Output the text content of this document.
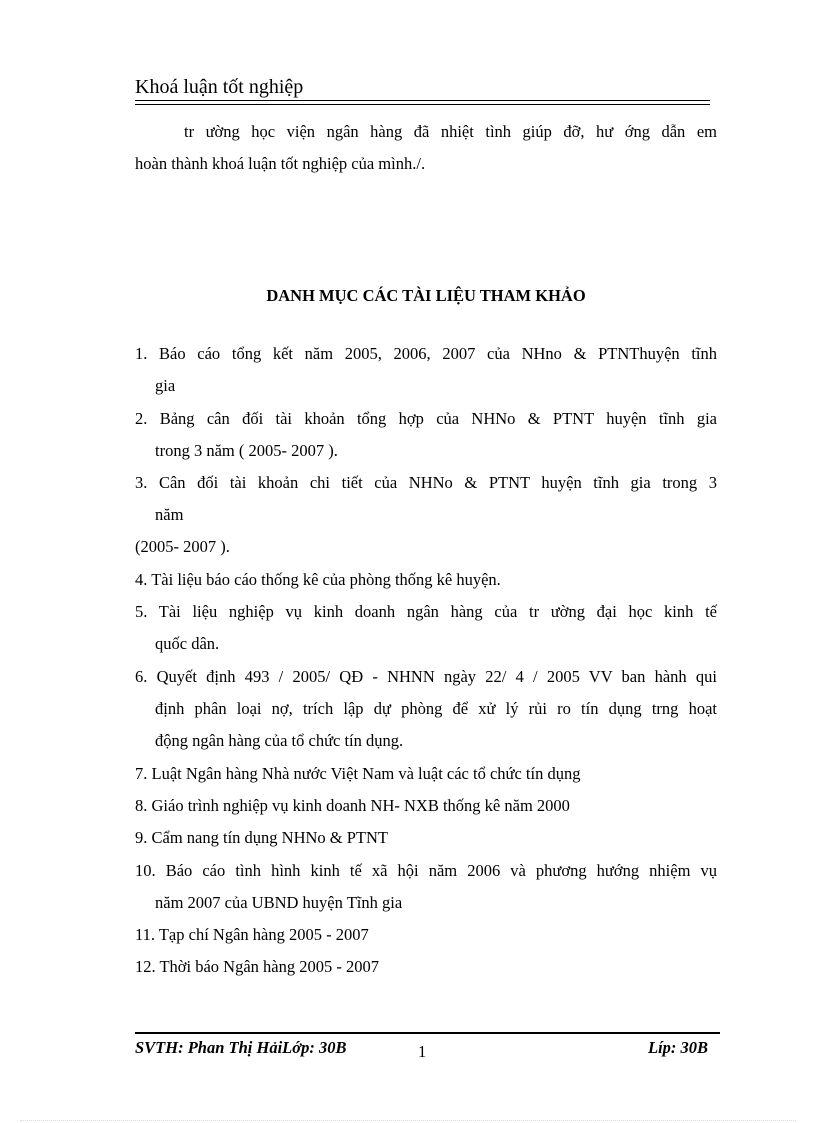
Khoá luận tốt nghiệp
tr ường học viện ngân hàng đã nhiệt tình giúp đỡ, hư ớng dẫn em
hoàn thành khoá luận tốt nghiệp của mình./.
DANH MỤC CÁC TÀI LIỆU THAM KHẢO
1. Báo cáo tổng kết năm 2005, 2006, 2007 của NHno & PTNThuyện tĩnh
gia
2. Bảng cân đối tài khoản tổng hợp của NHNo & PTNT huyện tĩnh gia
trong 3 năm ( 2005- 2007 ).
3. Cân đối tài khoản chi tiết của NHNo & PTNT huyện tĩnh gia trong 3
năm
(2005- 2007 ).
4. Tài liệu báo cáo thống kê của phòng thống kê huyện.
5. Tài liệu nghiệp vụ kinh doanh ngân hàng của tr ường đại học kinh tế
quốc dân.
6. Quyết định 493 / 2005/ QĐ - NHNN ngày 22/ 4 / 2005 VV ban hành qui
định phân loại nợ, trích lập dự phòng để xử lý rủi ro tín dụng trng hoạt
động ngân hàng của tổ chức tín dụng.
7. Luật Ngân hàng Nhà nước Việt Nam và luật các tổ chức tín dụng
8. Giáo trình nghiệp vụ kinh doanh NH- NXB thống kê năm 2000
9. Cẩm nang tín dụng NHNo & PTNT
10. Báo cáo tình hình kinh tế xã hội năm 2006 và phương hướng nhiệm vụ
năm 2007 của UBND huyện Tĩnh gia
11. Tạp chí Ngân hàng 2005 - 2007
12. Thời báo Ngân hàng 2005 - 2007
SVTH: Phan Thị HảiLớp: 30B	1	Líp: 30B
